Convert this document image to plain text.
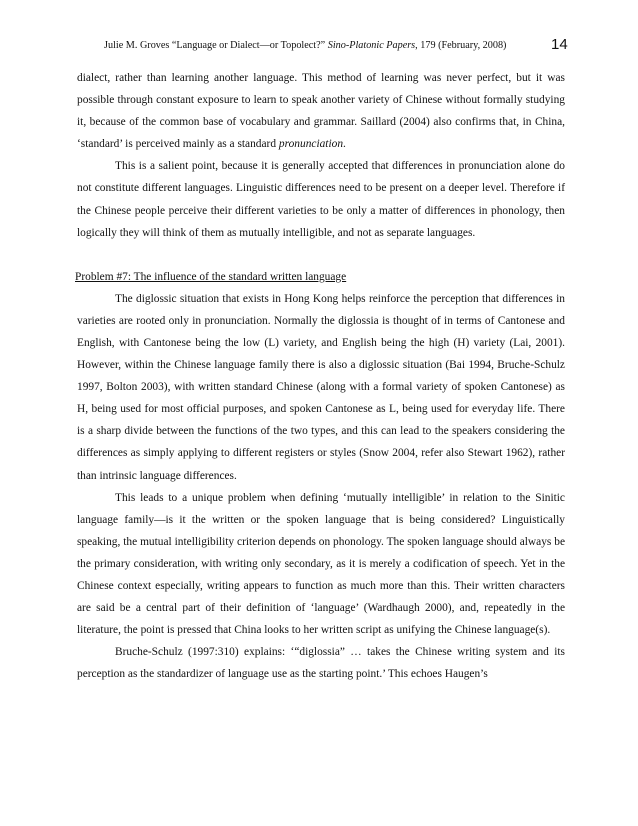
Julie M. Groves “Language or Dialect—or Topolect?” Sino-Platonic Papers, 179 (February, 2008)	14

dialect, rather than learning another language. This method of learning was never perfect, but it was possible through constant exposure to learn to speak another variety of Chinese without formally studying it, because of the common base of vocabulary and grammar. Saillard (2004) also confirms that, in China, ‘standard’ is perceived mainly as a standard pronunciation.

This is a salient point, because it is generally accepted that differences in pronunciation alone do not constitute different languages. Linguistic differences need to be present on a deeper level. Therefore if the Chinese people perceive their different varieties to be only a matter of differences in phonology, then logically they will think of them as mutually intelligible, and not as separate languages.

Problem #7: The influence of the standard written language

The diglossic situation that exists in Hong Kong helps reinforce the perception that differences in varieties are rooted only in pronunciation. Normally the diglossia is thought of in terms of Cantonese and English, with Cantonese being the low (L) variety, and English being the high (H) variety (Lai, 2001). However, within the Chinese language family there is also a diglossic situation (Bai 1994, Bruche-Schulz 1997, Bolton 2003), with written standard Chinese (along with a formal variety of spoken Cantonese) as H, being used for most official purposes, and spoken Cantonese as L, being used for everyday life. There is a sharp divide between the functions of the two types, and this can lead to the speakers considering the differences as simply applying to different registers or styles (Snow 2004, refer also Stewart 1962), rather than intrinsic language differences.

This leads to a unique problem when defining ‘mutually intelligible’ in relation to the Sinitic language family—is it the written or the spoken language that is being considered? Linguistically speaking, the mutual intelligibility criterion depends on phonology. The spoken language should always be the primary consideration, with writing only secondary, as it is merely a codification of speech. Yet in the Chinese context especially, writing appears to function as much more than this. Their written characters are said be a central part of their definition of ‘language’ (Wardhaugh 2000), and, repeatedly in the literature, the point is pressed that China looks to her written script as unifying the Chinese language(s).

Bruche-Schulz (1997:310) explains: ‘“diglossia” … takes the Chinese writing system and its perception as the standardizer of language use as the starting point.’ This echoes Haugen’s
